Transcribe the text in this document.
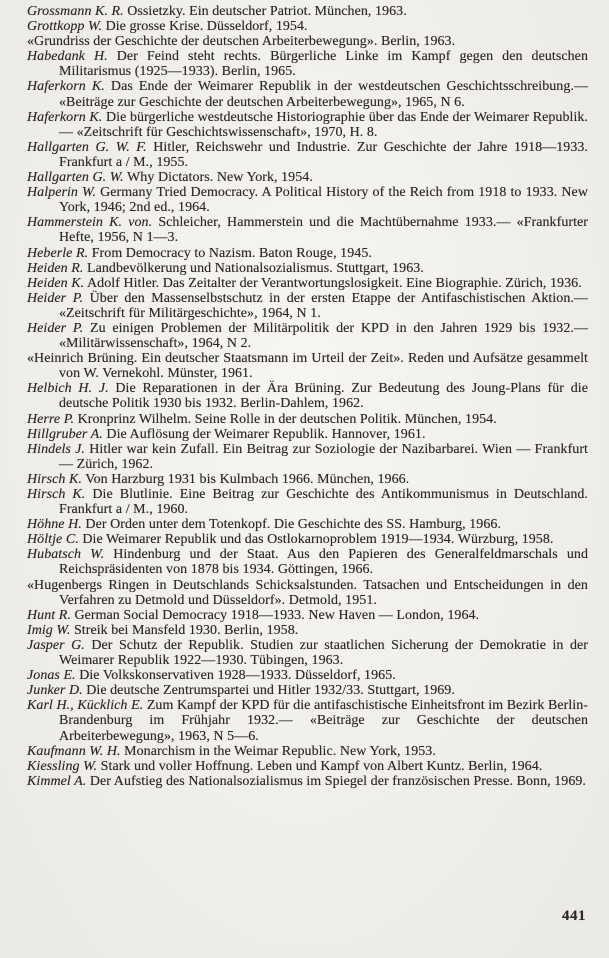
Grossmann K. R. Ossietzky. Ein deutscher Patriot. München, 1963.

Grottkopp W. Die grosse Krise. Düsseldorf, 1954.

«Grundriss der Geschichte der deutschen Arbeiterbewegung». Berlin, 1963.

Habedank H. Der Feind steht rechts. Bürgerliche Linke im Kampf gegen den deutschen Militarismus (1925—1933). Berlin, 1965.

Haferkorn K. Das Ende der Weimarer Republik in der westdeutschen Geschichtsschreibung.— «Beiträge zur Geschichte der deutschen Arbeiterbewegung», 1965, N 6.

Haferkorn K. Die bürgerliche westdeutsche Historiographie über das Ende der Weimarer Republik.— «Zeitschrift für Geschichtswissenschaft», 1970, H. 8.

Hallgarten G. W. F. Hitler, Reichswehr und Industrie. Zur Geschichte der Jahre 1918—1933. Frankfurt a / M., 1955.

Hallgarten G. W. Why Dictators. New York, 1954.

Halperin W. Germany Tried Democracy. A Political History of the Reich from 1918 to 1933. New York, 1946; 2nd ed., 1964.

Hammerstein K. von. Schleicher, Hammerstein und die Machtübernahme 1933.— «Frankfurter Hefte, 1956, N 1—3.

Heberle R. From Democracy to Nazism. Baton Rouge, 1945.

Heiden R. Landbevölkerung und Nationalsozialismus. Stuttgart, 1963.

Heiden K. Adolf Hitler. Das Zeitalter der Verantwortungslosigkeit. Eine Biographie. Zürich, 1936.

Heider P. Über den Massenselbstschutz in der ersten Etappe der Antifaschistischen Aktion.— «Zeitschrift für Militärgeschichte», 1964, N 1.

Heider P. Zu einigen Problemen der Militärpolitik der KPD in den Jahren 1929 bis 1932.— «Militärwissenschaft», 1964, N 2.

«Heinrich Brüning. Ein deutscher Staatsmann im Urteil der Zeit». Reden und Aufsätze gesammelt von W. Vernekohl. Münster, 1961.

Helbich H. J. Die Reparationen in der Ära Brüning. Zur Bedeutung des Joung-Plans für die deutsche Politik 1930 bis 1932. Berlin-Dahlem, 1962.

Herre P. Kronprinz Wilhelm. Seine Rolle in der deutschen Politik. München, 1954.

Hillgruber A. Die Auflösung der Weimarer Republik. Hannover, 1961.

Hindels J. Hitler war kein Zufall. Ein Beitrag zur Soziologie der Nazibarbarei. Wien — Frankfurt — Zürich, 1962.

Hirsch K. Von Harzburg 1931 bis Kulmbach 1966. München, 1966.

Hirsch K. Die Blutlinie. Eine Beitrag zur Geschichte des Antikommunismus in Deutschland. Frankfurt a / M., 1960.

Höhne H. Der Orden unter dem Totenkopf. Die Geschichte des SS. Hamburg, 1966.

Höltje C. Die Weimarer Republik und das Ostlokarnoproblem 1919—1934. Würzburg, 1958.

Hubatsch W. Hindenburg und der Staat. Aus den Papieren des Generalfeldmarschals und Reichspräsidenten von 1878 bis 1934. Göttingen, 1966.

«Hugenbergs Ringen in Deutschlands Schicksalstunden. Tatsachen und Entscheidungen in den Verfahren zu Detmold und Düsseldorf». Detmold, 1951.

Hunt R. German Social Democracy 1918—1933. New Haven — London, 1964.

Imig W. Streik bei Mansfeld 1930. Berlin, 1958.

Jasper G. Der Schutz der Republik. Studien zur staatlichen Sicherung der Demokratie in der Weimarer Republik 1922—1930. Tübingen, 1963.

Jonas E. Die Volkskonservativen 1928—1933. Düsseldorf, 1965.

Junker D. Die deutsche Zentrumspartei und Hitler 1932/33. Stuttgart, 1969.

Karl H., Kücklich E. Zum Kampf der KPD für die antifaschistische Einheitsfront im Bezirk Berlin-Brandenburg im Frühjahr 1932.— «Beiträge zur Geschichte der deutschen Arbeiterbewegung», 1963, N 5—6.

Kaufmann W. H. Monarchism in the Weimar Republic. New York, 1953.

Kiessling W. Stark und voller Hoffnung. Leben und Kampf von Albert Kuntz. Berlin, 1964.

Kimmel A. Der Aufstieg des Nationalsozialismus im Spiegel der französischen Presse. Bonn, 1969.

441
